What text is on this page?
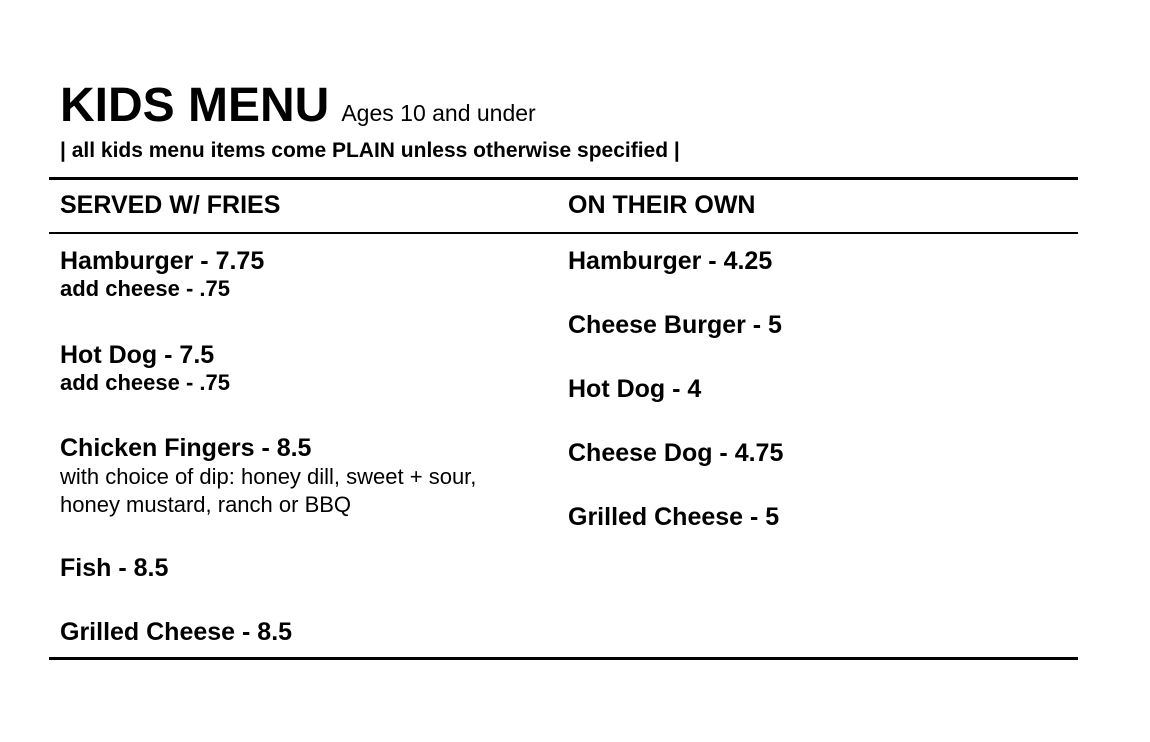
KIDS MENU Ages 10 and under
| all kids menu items come PLAIN unless otherwise specified |
SERVED W/ FRIES	ON THEIR OWN
Hamburger - 7.75
add cheese - .75
Hot Dog - 7.5
add cheese - .75
Chicken Fingers - 8.5
with choice of dip: honey dill, sweet + sour,
honey mustard, ranch or BBQ
Fish - 8.5
Grilled Cheese - 8.5
Hamburger - 4.25
Cheese Burger - 5
Hot Dog - 4
Cheese Dog - 4.75
Grilled Cheese - 5
